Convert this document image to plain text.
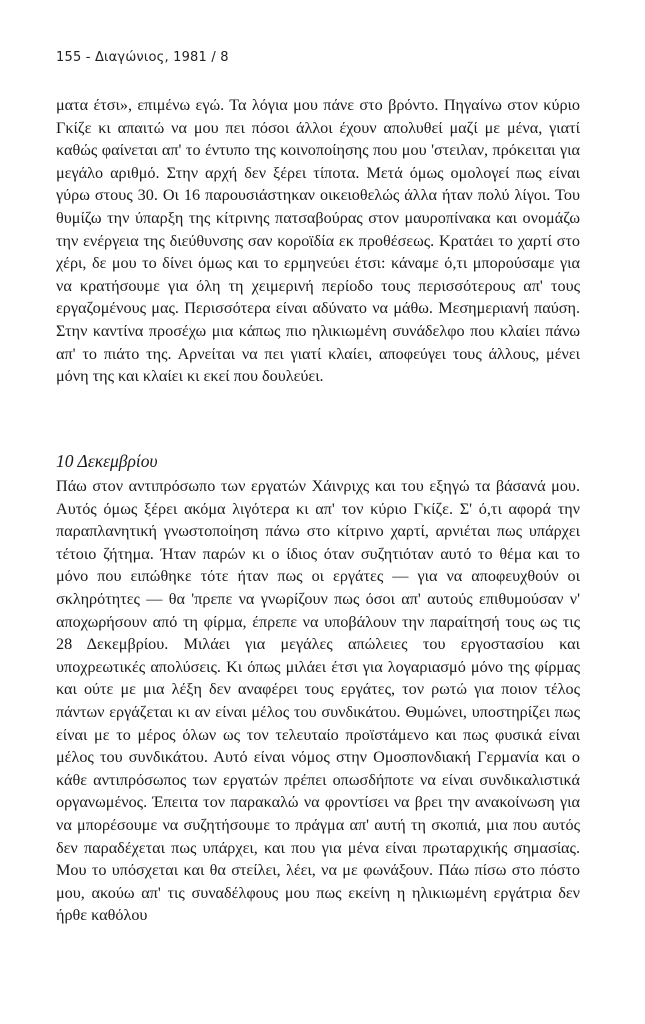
155 - Διαγώνιος, 1981 / 8

ματα έτσι», επιμένω εγώ. Τα λόγια μου πάνε στο βρόντο. Πηγαίνω στον κύριο Γκίζε κι απαιτώ να μου πει πόσοι άλλοι έχουν απολυθεί μαζί με μένα, γιατί καθώς φαίνεται απ' το έντυπο της κοινοποίησης που μου 'στειλαν, πρόκειται για μεγάλο αριθμό. Στην αρχή δεν ξέρει τίποτα. Μετά όμως ομολογεί πως είναι γύρω στους 30. Οι 16 παρουσιάστηκαν οικειοθελώς άλλα ήταν πολύ λίγοι. Του θυμίζω την ύπαρξη της κίτρινης πατσαβούρας στον μαυροπίνακα και ονομάζω την ενέργεια της διεύθυνσης σαν κοροϊδία εκ προθέσεως. Κρατάει το χαρτί στο χέρι, δε μου το δίνει όμως και το ερμηνεύει έτσι: κάναμε ό,τι μπορούσαμε για να κρατήσουμε για όλη τη χειμερινή περίοδο τους περισσότερους απ' τους εργαζομένους μας. Περισσότερα είναι αδύνατο να μάθω. Μεσημεριανή παύση. Στην καντίνα προσέχω μια κάπως πιο ηλικιωμένη συνάδελφο που κλαίει πάνω απ' το πιάτο της. Αρνείται να πει γιατί κλαίει, αποφεύγει τους άλλους, μένει μόνη της και κλαίει κι εκεί που δουλεύει.

10 Δεκεμβρίου

Πάω στον αντιπρόσωπο των εργατών Χάινριχς και του εξηγώ τα βάσανά μου. Αυτός όμως ξέρει ακόμα λιγότερα κι απ' τον κύριο Γκίζε. Σ' ό,τι αφορά την παραπλανητική γνωστοποίηση πάνω στο κίτρινο χαρτί, αρνιέται πως υπάρχει τέτοιο ζήτημα. Ήταν παρών κι ο ίδιος όταν συζητιόταν αυτό το θέμα και το μόνο που ειπώθηκε τότε ήταν πως οι εργάτες — για να αποφευχθούν οι σκληρότητες — θα 'πρεπε να γνωρίζουν πως όσοι απ' αυτούς επιθυμούσαν ν' αποχωρήσουν από τη φίρμα, έπρεπε να υποβάλουν την παραίτησή τους ως τις 28 Δεκεμβρίου. Μιλάει για μεγάλες απώλειες του εργοστασίου και υποχρεωτικές απολύσεις. Κι όπως μιλάει έτσι για λογαριασμό μόνο της φίρμας και ούτε με μια λέξη δεν αναφέρει τους εργάτες, τον ρωτώ για ποιον τέλος πάντων εργάζεται κι αν είναι μέλος του συνδικάτου. Θυμώνει, υποστηρίζει πως είναι με το μέρος όλων ως τον τελευταίο προϊστάμενο και πως φυσικά είναι μέλος του συνδικάτου. Αυτό είναι νόμος στην Ομοσπονδιακή Γερμανία και ο κάθε αντιπρόσωπος των εργατών πρέπει οπωσδήποτε να είναι συνδικαλιστικά οργανωμένος. Έπειτα τον παρακαλώ να φροντίσει να βρει την ανακοίνωση για να μπορέσουμε να συζητήσουμε το πράγμα απ' αυτή τη σκοπιά, μια που αυτός δεν παραδέχεται πως υπάρχει, και που για μένα είναι πρωταρχικής σημασίας. Μου το υπόσχεται και θα στείλει, λέει, να με φωνάξουν. Πάω πίσω στο πόστο μου, ακούω απ' τις συναδέλφους μου πως εκείνη η ηλικιωμένη εργάτρια δεν ήρθε καθόλου
